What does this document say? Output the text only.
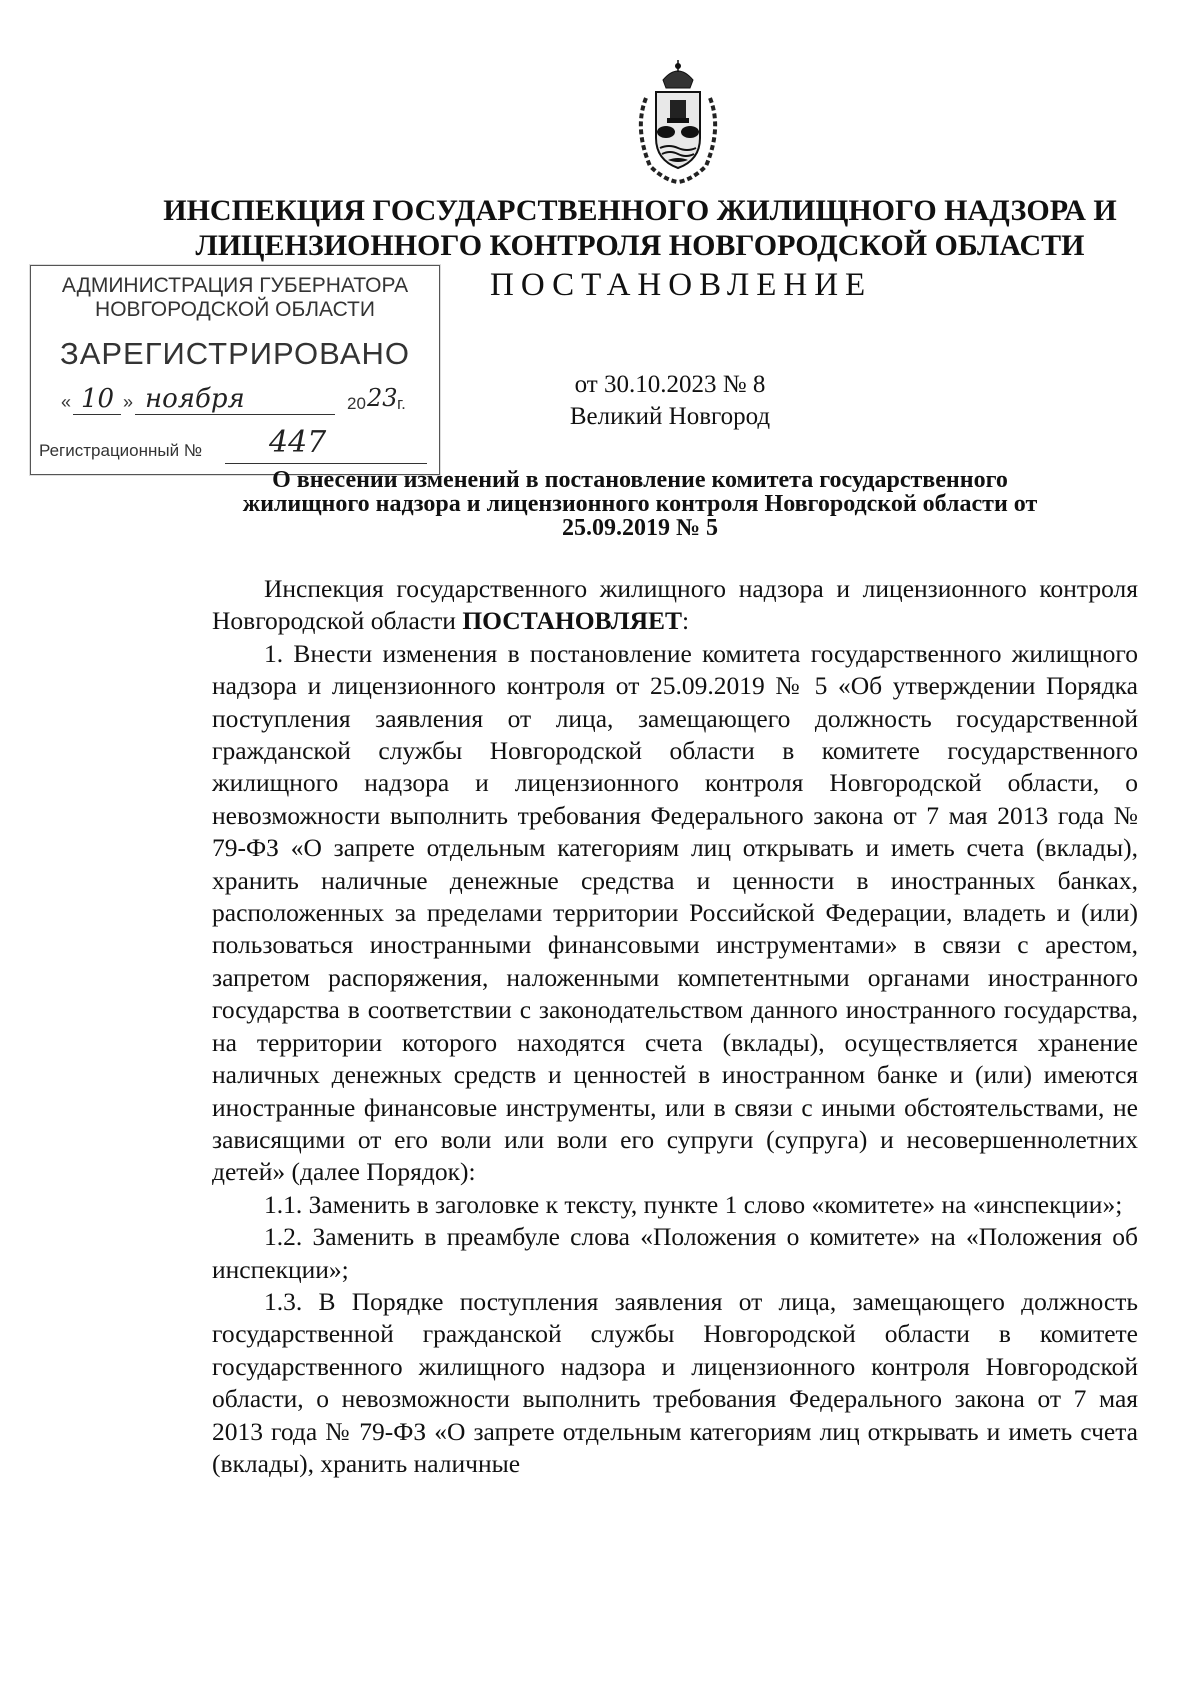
ИНСПЕКЦИЯ ГОСУДАРСТВЕННОГО ЖИЛИЩНОГО НАДЗОРА И
ЛИЦЕНЗИОННОГО КОНТРОЛЯ НОВГОРОДСКОЙ ОБЛАСТИ
ПОСТАНОВЛЕНИЕ
от 30.10.2023 № 8
Великий Новгород
АДМИНИСТРАЦИЯ ГУБЕРНАТОРА
НОВГОРОДСКОЙ ОБЛАСТИ
ЗАРЕГИСТРИРОВАНО
« 10 » ноября	20 23 г.
Регистрационный № 447
О внесении изменений в постановление комитета государственного
жилищного надзора и лицензионного контроля Новгородской области от
25.09.2019 № 5

Инспекция государственного жилищного надзора и лицензионного контроля Новгородской области ПОСТАНОВЛЯЕТ:

1. Внести изменения в постановление комитета государственного жилищного надзора и лицензионного контроля от 25.09.2019 № 5 «Об утверждении Порядка поступления заявления от лица, замещающего должность государственной гражданской службы Новгородской области в комитете государственного жилищного надзора и лицензионного контроля Новгородской области, о невозможности выполнить требования Федерального закона от 7 мая 2013 года № 79-ФЗ «О запрете отдельным категориям лиц открывать и иметь счета (вклады), хранить наличные денежные средства и ценности в иностранных банках, расположенных за пределами территории Российской Федерации, владеть и (или) пользоваться иностранными финансовыми инструментами» в связи с арестом, запретом распоряжения, наложенными компетентными органами иностранного государства в соответствии с законодательством данного иностранного государства, на территории которого находятся счета (вклады), осуществляется хранение наличных денежных средств и ценностей в иностранном банке и (или) имеются иностранные финансовые инструменты, или в связи с иными обстоятельствами, не зависящими от его воли или воли его супруги (супруга) и несовершеннолетних детей» (далее Порядок):

1.1. Заменить в заголовке к тексту, пункте 1 слово «комитете» на «инспекции»;

1.2. Заменить в преамбуле слова «Положения о комитете» на «Положения об инспекции»;

1.3. В Порядке поступления заявления от лица, замещающего должность государственной гражданской службы Новгородской области в комитете государственного жилищного надзора и лицензионного контроля Новгородской области, о невозможности выполнить требования Федерального закона от 7 мая 2013 года № 79-ФЗ «О запрете отдельным категориям лиц открывать и иметь счета (вклады), хранить наличные
